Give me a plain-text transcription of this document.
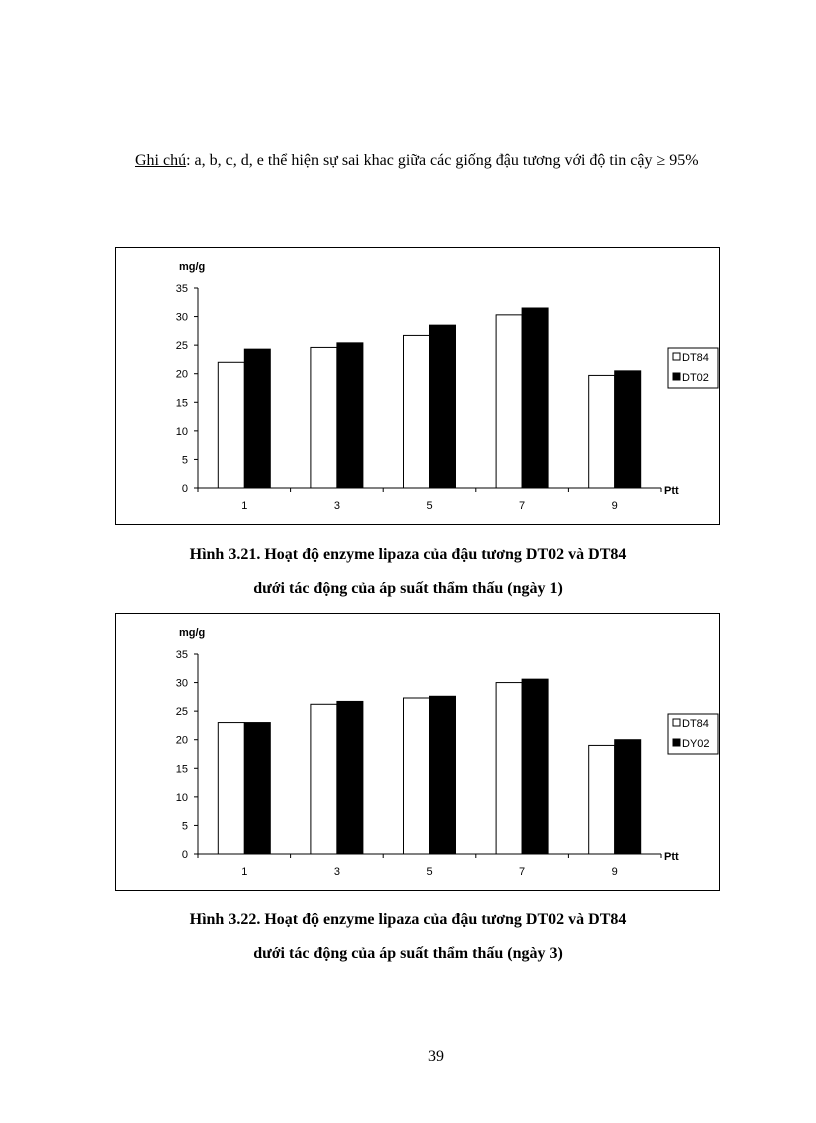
Ghi chú: a, b, c, d, e thể hiện sự sai khac giữa các giống đậu tương với độ tin cậy ≥ 95%
mg/g
0
5
10
15
20
25
30
35
1	3	5	7	9
Ptt
DT84
DT02
Hình 3.21. Hoạt độ enzyme lipaza của đậu tương DT02 và DT84
dưới tác động của áp suất thẩm thấu (ngày 1)
mg/g
0
5
10
15
20
25
30
35
1	3	5	7	9
Ptt
DT84
DY02
Hình 3.22. Hoạt độ enzyme lipaza của đậu tương DT02 và DT84
dưới tác động của áp suất thẩm thấu (ngày 3)
39
